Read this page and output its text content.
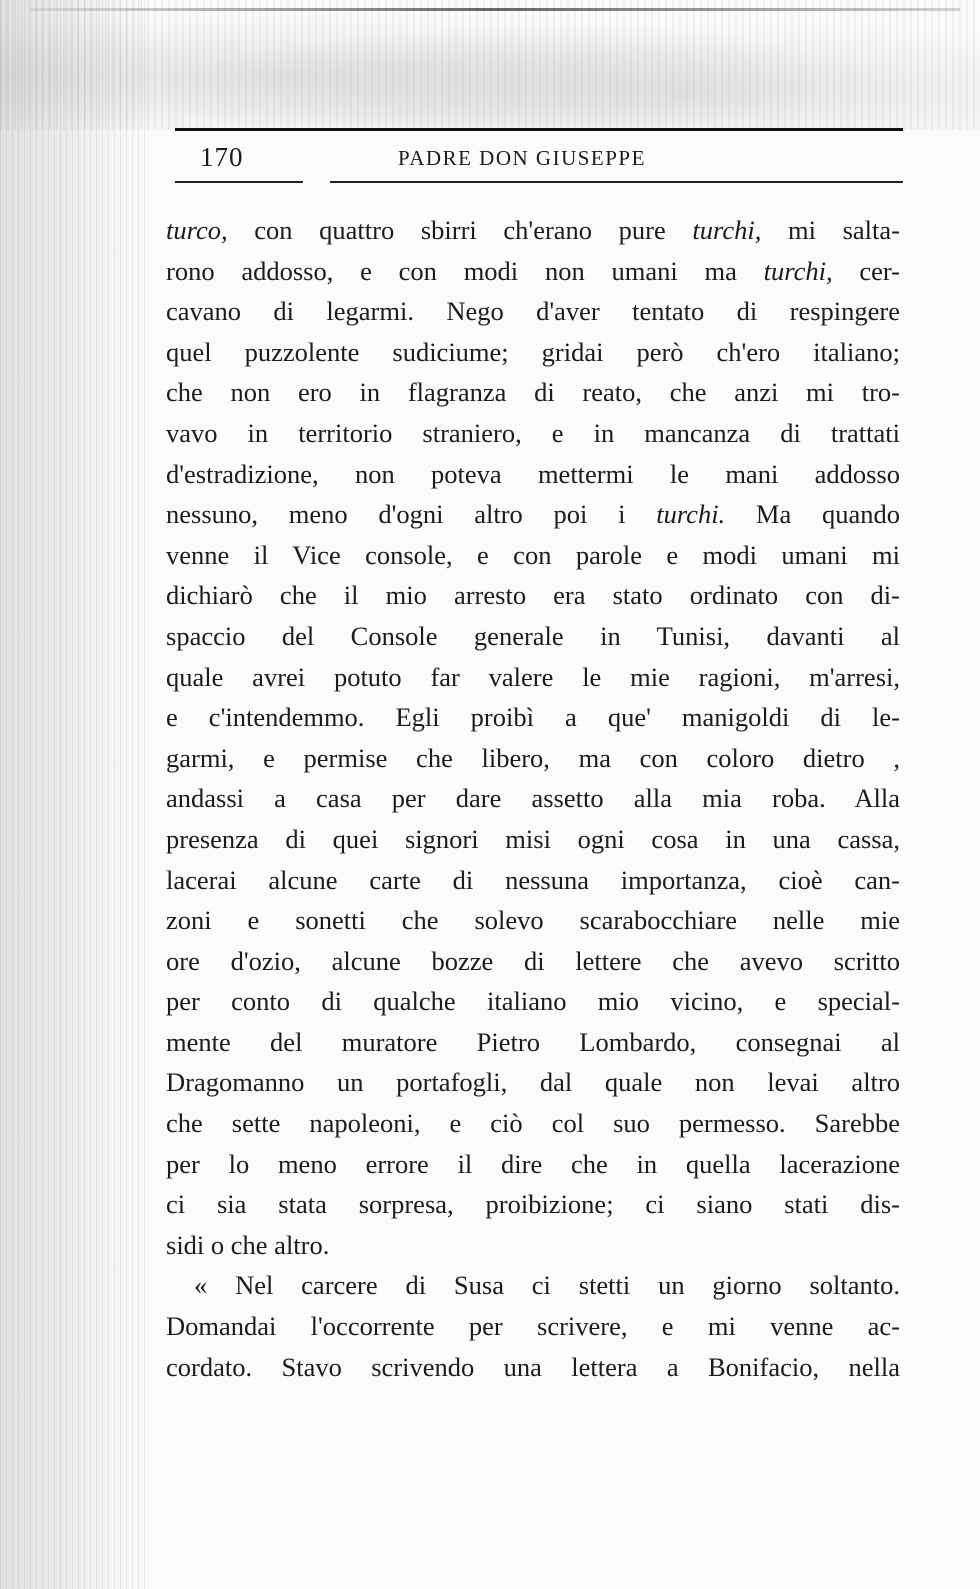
170	PADRE DON GIUSEPPE
turco, con quattro sbirri ch'erano pure turchi, mi salta-
rono addosso, e con modi non umani ma turchi, cer-
cavano di legarmi. Nego d'aver tentato di respingere
quel puzzolente sudiciume; gridai però ch'ero italiano;
che non ero in flagranza di reato, che anzi mi tro-
vavo in territorio straniero, e in mancanza di trattati
d'estradizione, non poteva mettermi le mani addosso
nessuno, meno d'ogni altro poi i turchi. Ma quando
venne il Vice console, e con parole e modi umani mi
dichiarò che il mio arresto era stato ordinato con di-
spaccio del Console generale in Tunisi, davanti al
quale avrei potuto far valere le mie ragioni, m'arresi,
e c'intendemmo. Egli proibì a que' manigoldi di le-
garmi, e permise che libero, ma con coloro dietro ,
andassi a casa per dare assetto alla mia roba. Alla
presenza di quei signori misi ogni cosa in una cassa,
lacerai alcune carte di nessuna importanza, cioè can-
zoni e sonetti che solevo scarabocchiare nelle mie
ore d'ozio, alcune bozze di lettere che avevo scritto
per conto di qualche italiano mio vicino, e special-
mente del muratore Pietro Lombardo, consegnai al
Dragomanno un portafogli, dal quale non levai altro
che sette napoleoni, e ciò col suo permesso. Sarebbe
per lo meno errore il dire che in quella lacerazione
ci sia stata sorpresa, proibizione; ci siano stati dis-
sidi o che altro.
« Nel carcere di Susa ci stetti un giorno soltanto.
Domandai l'occorrente per scrivere, e mi venne ac-
cordato. Stavo scrivendo una lettera a Bonifacio, nella
